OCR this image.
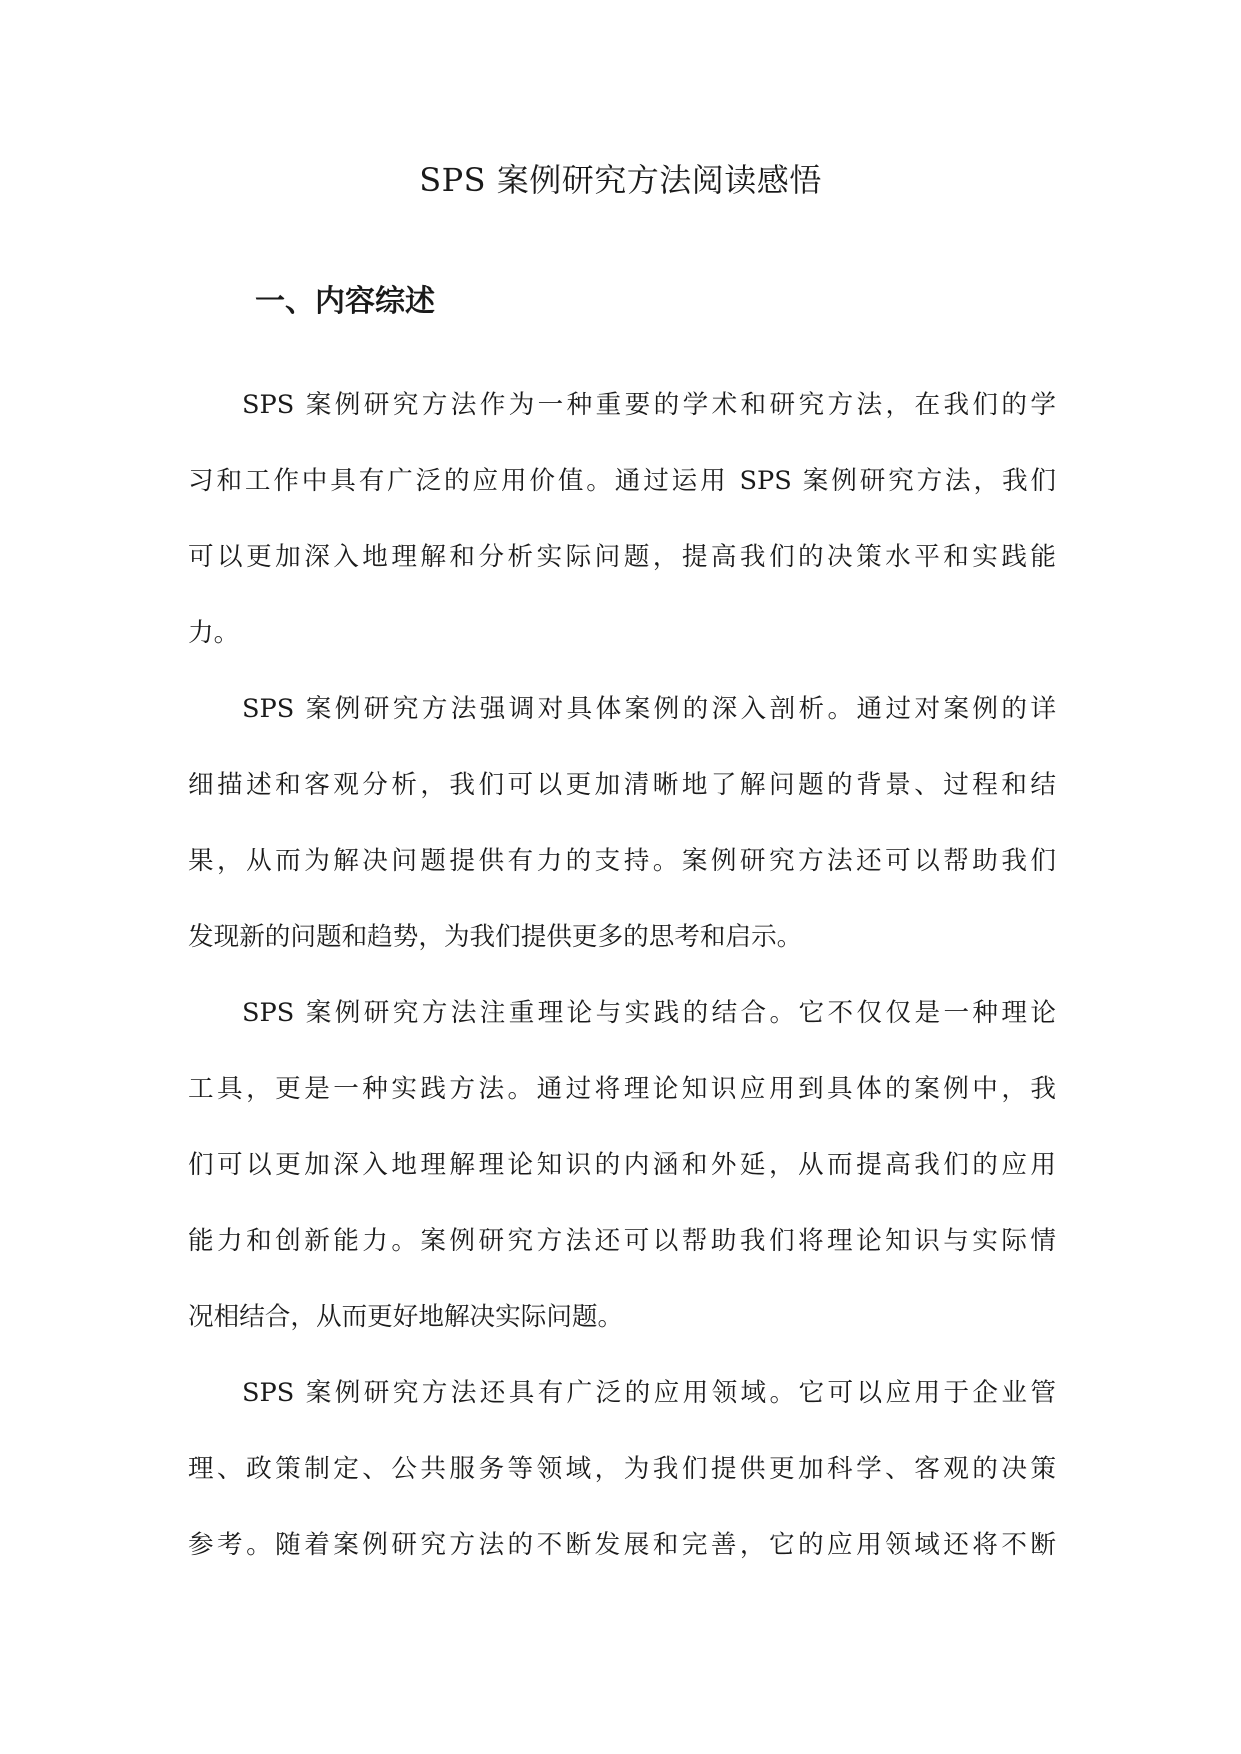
SPS 案例研究方法阅读感悟
一、内容综述

SPS 案例研究方法作为一种重要的学术和研究方法，在我们的学
习和工作中具有广泛的应用价值。通过运用 SPS 案例研究方法，我们
可以更加深入地理解和分析实际问题，提高我们的决策水平和实践能
力。

SPS 案例研究方法强调对具体案例的深入剖析。通过对案例的详
细描述和客观分析，我们可以更加清晰地了解问题的背景、过程和结
果，从而为解决问题提供有力的支持。案例研究方法还可以帮助我们
发现新的问题和趋势，为我们提供更多的思考和启示。

SPS 案例研究方法注重理论与实践的结合。它不仅仅是一种理论
工具，更是一种实践方法。通过将理论知识应用到具体的案例中，我
们可以更加深入地理解理论知识的内涵和外延，从而提高我们的应用
能力和创新能力。案例研究方法还可以帮助我们将理论知识与实际情
况相结合，从而更好地解决实际问题。

SPS 案例研究方法还具有广泛的应用领域。它可以应用于企业管
理、政策制定、公共服务等领域，为我们提供更加科学、客观的决策
参考。随着案例研究方法的不断发展和完善，它的应用领域还将不断
